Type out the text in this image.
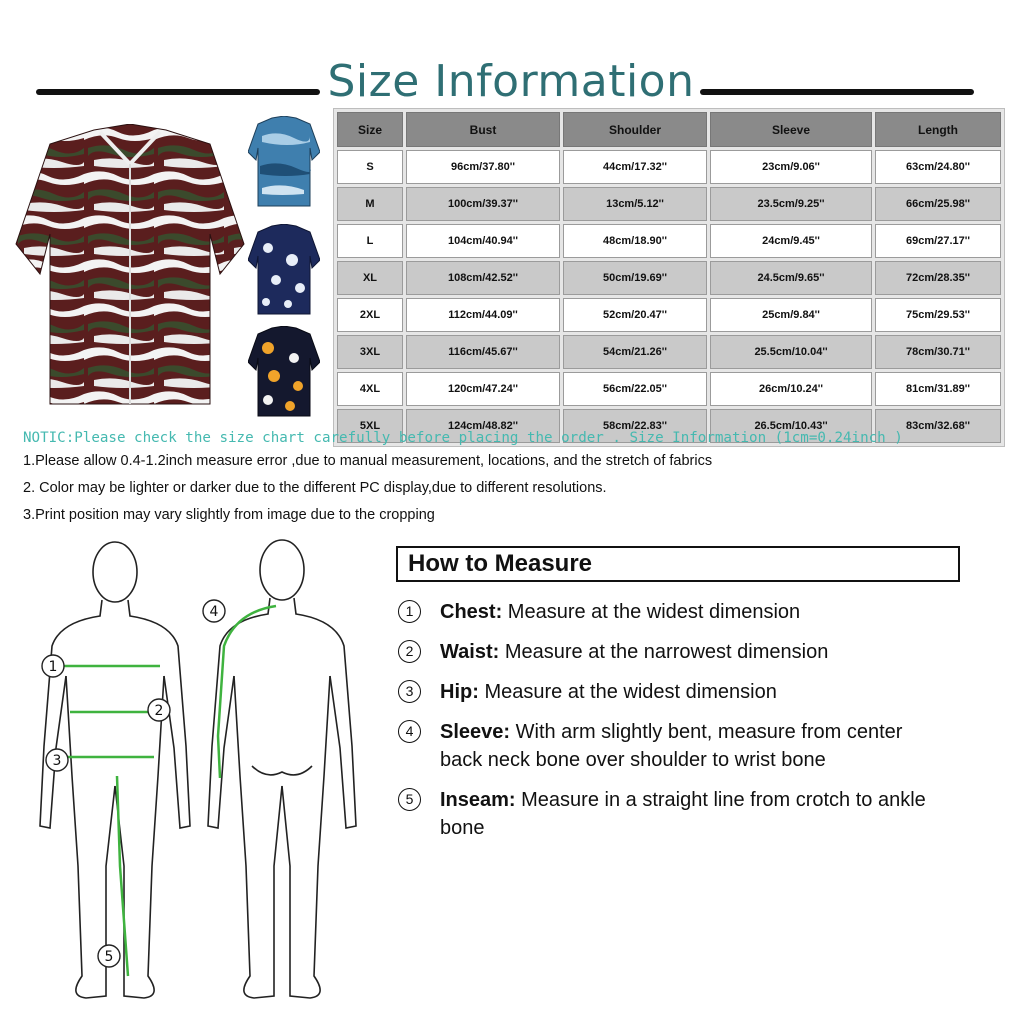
Size Information
Size	Bust	Shoulder	Sleeve	Length
S	96cm/37.80''	44cm/17.32''	23cm/9.06''	63cm/24.80''
M	100cm/39.37''	13cm/5.12''	23.5cm/9.25''	66cm/25.98''
L	104cm/40.94''	48cm/18.90''	24cm/9.45''	69cm/27.17''
XL	108cm/42.52''	50cm/19.69''	24.5cm/9.65''	72cm/28.35''
2XL	112cm/44.09''	52cm/20.47''	25cm/9.84''	75cm/29.53''
3XL	116cm/45.67''	54cm/21.26''	25.5cm/10.04''	78cm/30.71''
4XL	120cm/47.24''	56cm/22.05''	26cm/10.24''	81cm/31.89''
5XL	124cm/48.82''	58cm/22.83''	26.5cm/10.43''	83cm/32.68''
NOTIC:Please check the size chart carefully before placing the order . Size Information (1cm=0.24inch )
1.Please allow 0.4-1.2inch measure error ,due to manual measurement, locations, and the stretch of fabrics
2. Color may be lighter or darker due to the different PC display,due to different resolutions.
3.Print position may vary slightly from image due to the cropping
1
2
3
5
4
How to Measure
1	Chest: Measure at the widest dimension
2	Waist: Measure at the narrowest dimension
3	Hip: Measure at the widest dimension
4	Sleeve: With arm slightly bent, measure from center back neck bone over shoulder to wrist bone
5	Inseam: Measure in a straight line from crotch to ankle bone
